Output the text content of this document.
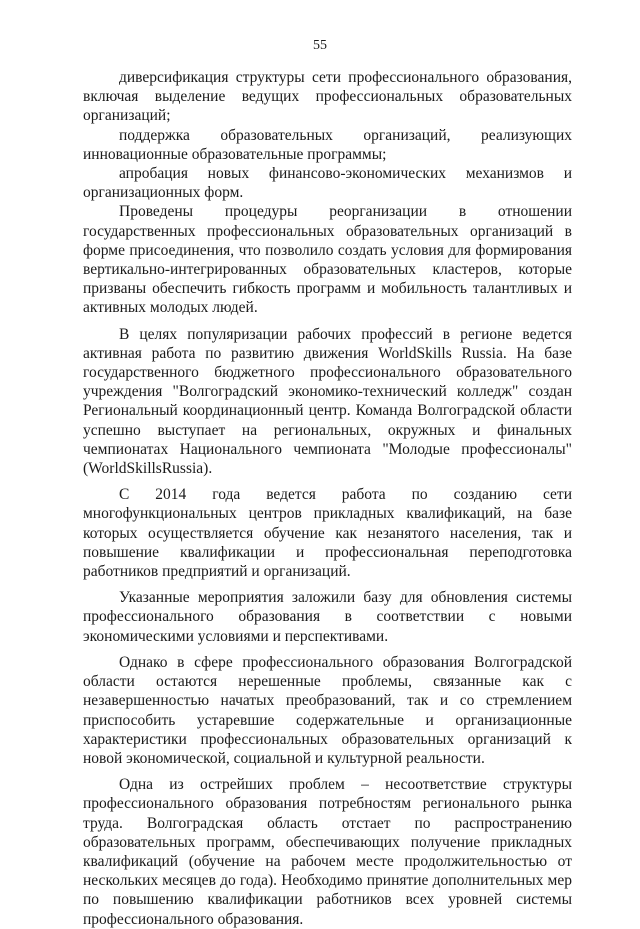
55

диверсификация структуры сети профессионального образования, включая выделение ведущих профессиональных образовательных организаций;

поддержка образовательных организаций, реализующих инновационные образовательные программы;

апробация новых финансово-экономических механизмов и организационных форм.

Проведены процедуры реорганизации в отношении государственных профессиональных образовательных организаций в форме присоединения, что позволило создать условия для формирования вертикально-интегрированных образовательных кластеров, которые призваны обеспечить гибкость программ и мобильность талантливых и активных молодых людей.

В целях популяризации рабочих профессий в регионе ведется активная работа по развитию движения WorldSkills Russia. На базе государственного бюджетного профессионального образовательного учреждения "Волгоградский экономико-технический колледж" создан Региональный координационный центр. Команда Волгоградской области успешно выступает на региональных, окружных и финальных чемпионатах Национального чемпионата "Молодые профессионалы" (WorldSkillsRussia).

С 2014 года ведется работа по созданию сети многофункциональных центров прикладных квалификаций, на базе которых осуществляется обучение как незанятого населения, так и повышение квалификации и профессиональная переподготовка работников предприятий и организаций.

Указанные мероприятия заложили базу для обновления системы профессионального образования в соответствии с новыми экономическими условиями и перспективами.

Однако в сфере профессионального образования Волгоградской области остаются нерешенные проблемы, связанные как с незавершенностью начатых преобразований, так и со стремлением приспособить устаревшие содержательные и организационные характеристики профессиональных образовательных организаций к новой экономической, социальной и культурной реальности.

Одна из острейших проблем – несоответствие структуры профессионального образования потребностям регионального рынка труда. Волгоградская область отстает по распространению образовательных программ, обеспечивающих получение прикладных квалификаций (обучение на рабочем месте продолжительностью от нескольких месяцев до года). Необходимо принятие дополнительных мер по повышению квалификации работников всех уровней системы профессионального образования.
